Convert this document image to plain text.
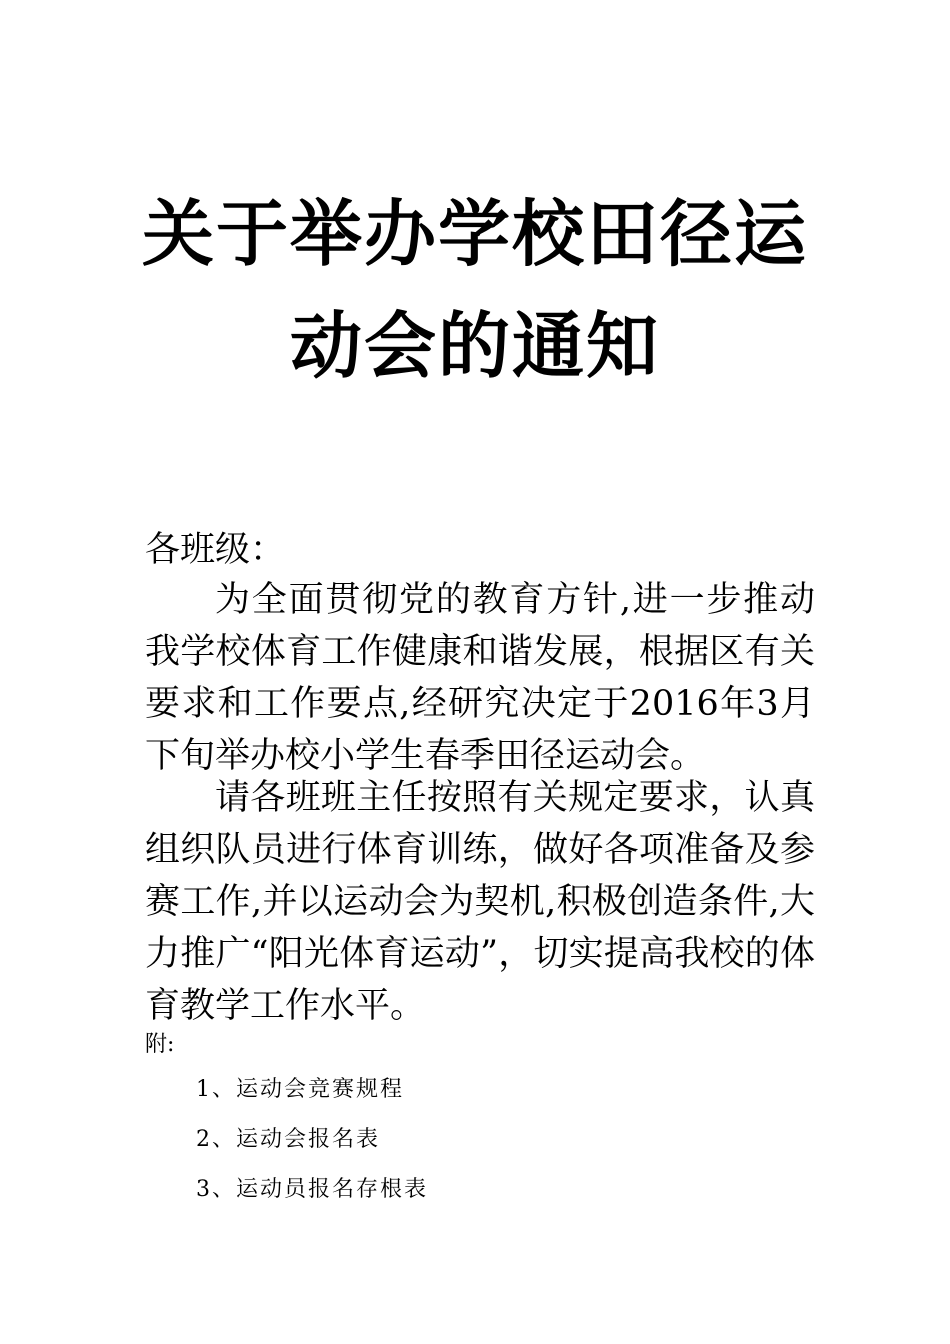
关于举办学校田径运
动会的通知
各班级：
为全面贯彻党的教育方针,进一步推动我学校体育工作健康和谐发展，根据区有关要求和工作要点,经研究决定于2016年3月下旬举办校小学生春季田径运动会。
请各班班主任按照有关规定要求，认真组织队员进行体育训练，做好各项准备及参赛工作,并以运动会为契机,积极创造条件,大力推广“阳光体育运动”，切实提高我校的体育教学工作水平。
附:
1、运动会竞赛规程
2、运动会报名表
3、运动员报名存根表
